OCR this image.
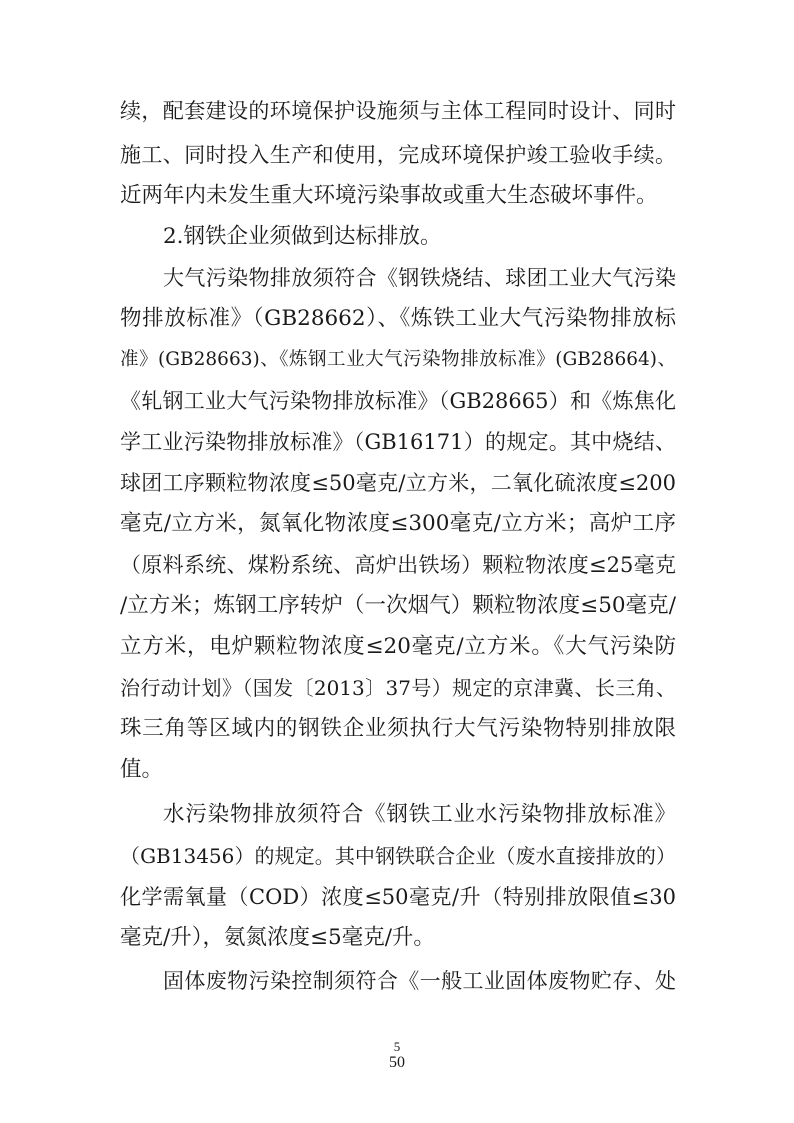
续，配套建设的环境保护设施须与主体工程同时设计、同时
施工、同时投入生产和使用，完成环境保护竣工验收手续。
近两年内未发生重大环境污染事故或重大生态破坏事件。
2.钢铁企业须做到达标排放。
大气污染物排放须符合《钢铁烧结、球团工业大气污染
物排放标准》（GB28662）、《炼铁工业大气污染物排放标
准》(GB28663)、《炼钢工业大气污染物排放标准》(GB28664)、
《轧钢工业大气污染物排放标准》（GB28665）和《炼焦化
学工业污染物排放标准》（GB16171）的规定。其中烧结、
球团工序颗粒物浓度≤50毫克/立方米，二氧化硫浓度≤200
毫克/立方米，氮氧化物浓度≤300毫克/立方米；高炉工序
（原料系统、煤粉系统、高炉出铁场）颗粒物浓度≤25毫克
/立方米；炼钢工序转炉（一次烟气）颗粒物浓度≤50毫克/
立方米，电炉颗粒物浓度≤20毫克/立方米。《大气污染防
治行动计划》（国发〔2013〕37号）规定的京津冀、长三角、
珠三角等区域内的钢铁企业须执行大气污染物特别排放限
值。
水污染物排放须符合《钢铁工业水污染物排放标准》
（GB13456）的规定。其中钢铁联合企业（废水直接排放的）
化学需氧量（COD）浓度≤50毫克/升（特别排放限值≤30
毫克/升），氨氮浓度≤5毫克/升。
固体废物污染控制须符合《一般工业固体废物贮存、处
5
50
